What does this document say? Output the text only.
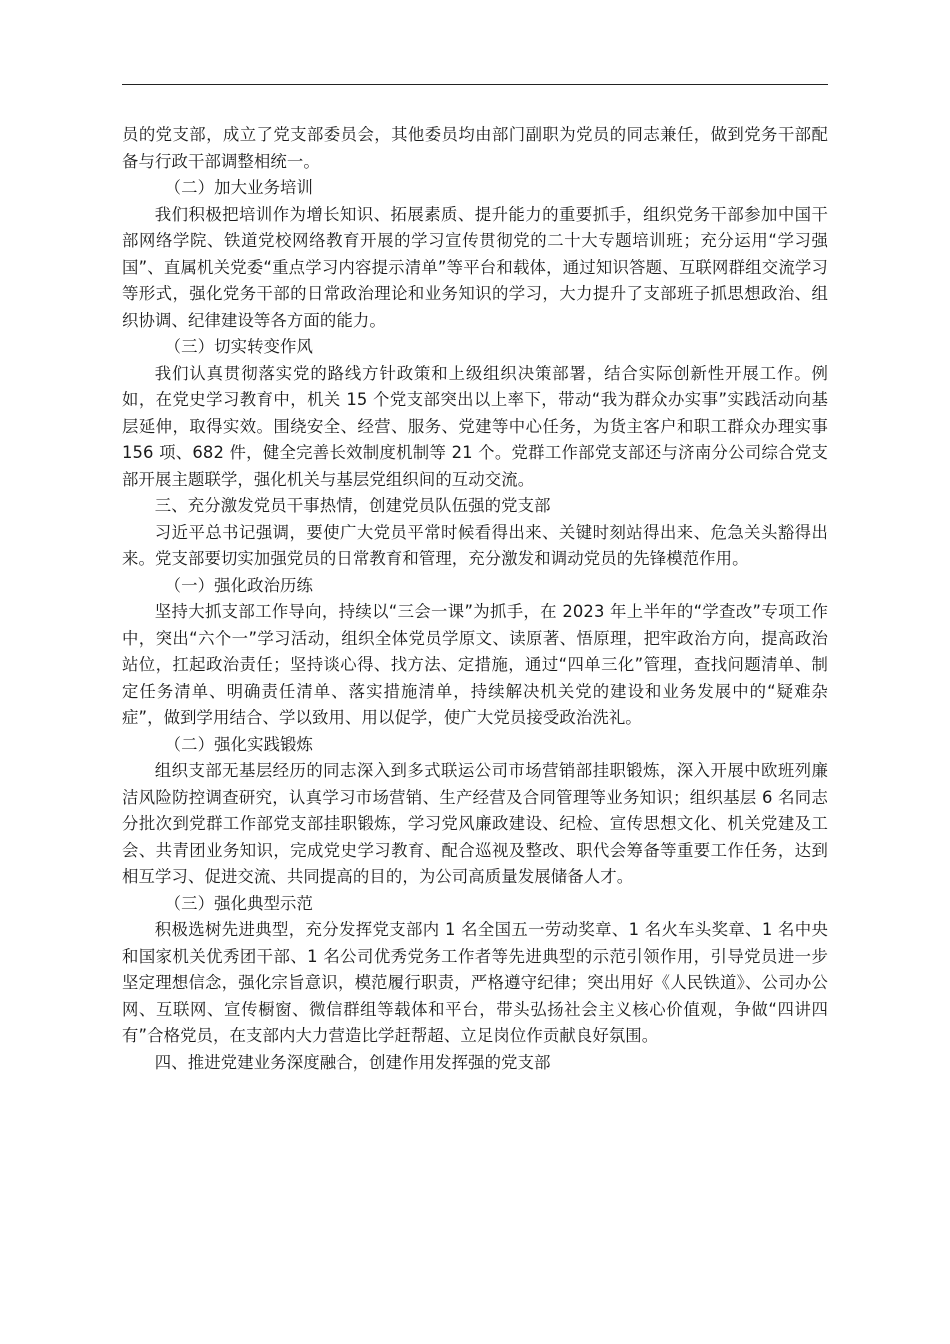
员的党支部，成立了党支部委员会，其他委员均由部门副职为党员的同志兼任，做到党务干部配备与行政干部调整相统一。

（二）加大业务培训

我们积极把培训作为增长知识、拓展素质、提升能力的重要抓手，组织党务干部参加中国干部网络学院、铁道党校网络教育开展的学习宣传贯彻党的二十大专题培训班；充分运用“学习强国”、直属机关党委“重点学习内容提示清单”等平台和载体，通过知识答题、互联网群组交流学习等形式，强化党务干部的日常政治理论和业务知识的学习，大力提升了支部班子抓思想政治、组织协调、纪律建设等各方面的能力。

（三）切实转变作风

我们认真贯彻落实党的路线方针政策和上级组织决策部署，结合实际创新性开展工作。例如，在党史学习教育中，机关 15 个党支部突出以上率下，带动“我为群众办实事”实践活动向基层延伸，取得实效。围绕安全、经营、服务、党建等中心任务，为货主客户和职工群众办理实事 156 项、682 件，健全完善长效制度机制等 21 个。党群工作部党支部还与济南分公司综合党支部开展主题联学，强化机关与基层党组织间的互动交流。

三、充分激发党员干事热情，创建党员队伍强的党支部

习近平总书记强调，要使广大党员平常时候看得出来、关键时刻站得出来、危急关头豁得出来。党支部要切实加强党员的日常教育和管理，充分激发和调动党员的先锋模范作用。

（一）强化政治历练

坚持大抓支部工作导向，持续以“三会一课”为抓手，在 2023 年上半年的“学查改”专项工作中，突出“六个一”学习活动，组织全体党员学原文、读原著、悟原理，把牢政治方向，提高政治站位，扛起政治责任；坚持谈心得、找方法、定措施，通过“四单三化”管理，查找问题清单、制定任务清单、明确责任清单、落实措施清单，持续解决机关党的建设和业务发展中的“疑难杂症”，做到学用结合、学以致用、用以促学，使广大党员接受政治洗礼。

（二）强化实践锻炼

组织支部无基层经历的同志深入到多式联运公司市场营销部挂职锻炼，深入开展中欧班列廉洁风险防控调查研究，认真学习市场营销、生产经营及合同管理等业务知识；组织基层 6 名同志分批次到党群工作部党支部挂职锻炼，学习党风廉政建设、纪检、宣传思想文化、机关党建及工会、共青团业务知识，完成党史学习教育、配合巡视及整改、职代会筹备等重要工作任务，达到相互学习、促进交流、共同提高的目的，为公司高质量发展储备人才。

（三）强化典型示范

积极选树先进典型，充分发挥党支部内 1 名全国五一劳动奖章、1 名火车头奖章、1 名中央和国家机关优秀团干部、1 名公司优秀党务工作者等先进典型的示范引领作用，引导党员进一步坚定理想信念，强化宗旨意识，模范履行职责，严格遵守纪律；突出用好《人民铁道》、公司办公网、互联网、宣传橱窗、微信群组等载体和平台，带头弘扬社会主义核心价值观，争做“四讲四有”合格党员，在支部内大力营造比学赶帮超、立足岗位作贡献良好氛围。

四、推进党建业务深度融合，创建作用发挥强的党支部
